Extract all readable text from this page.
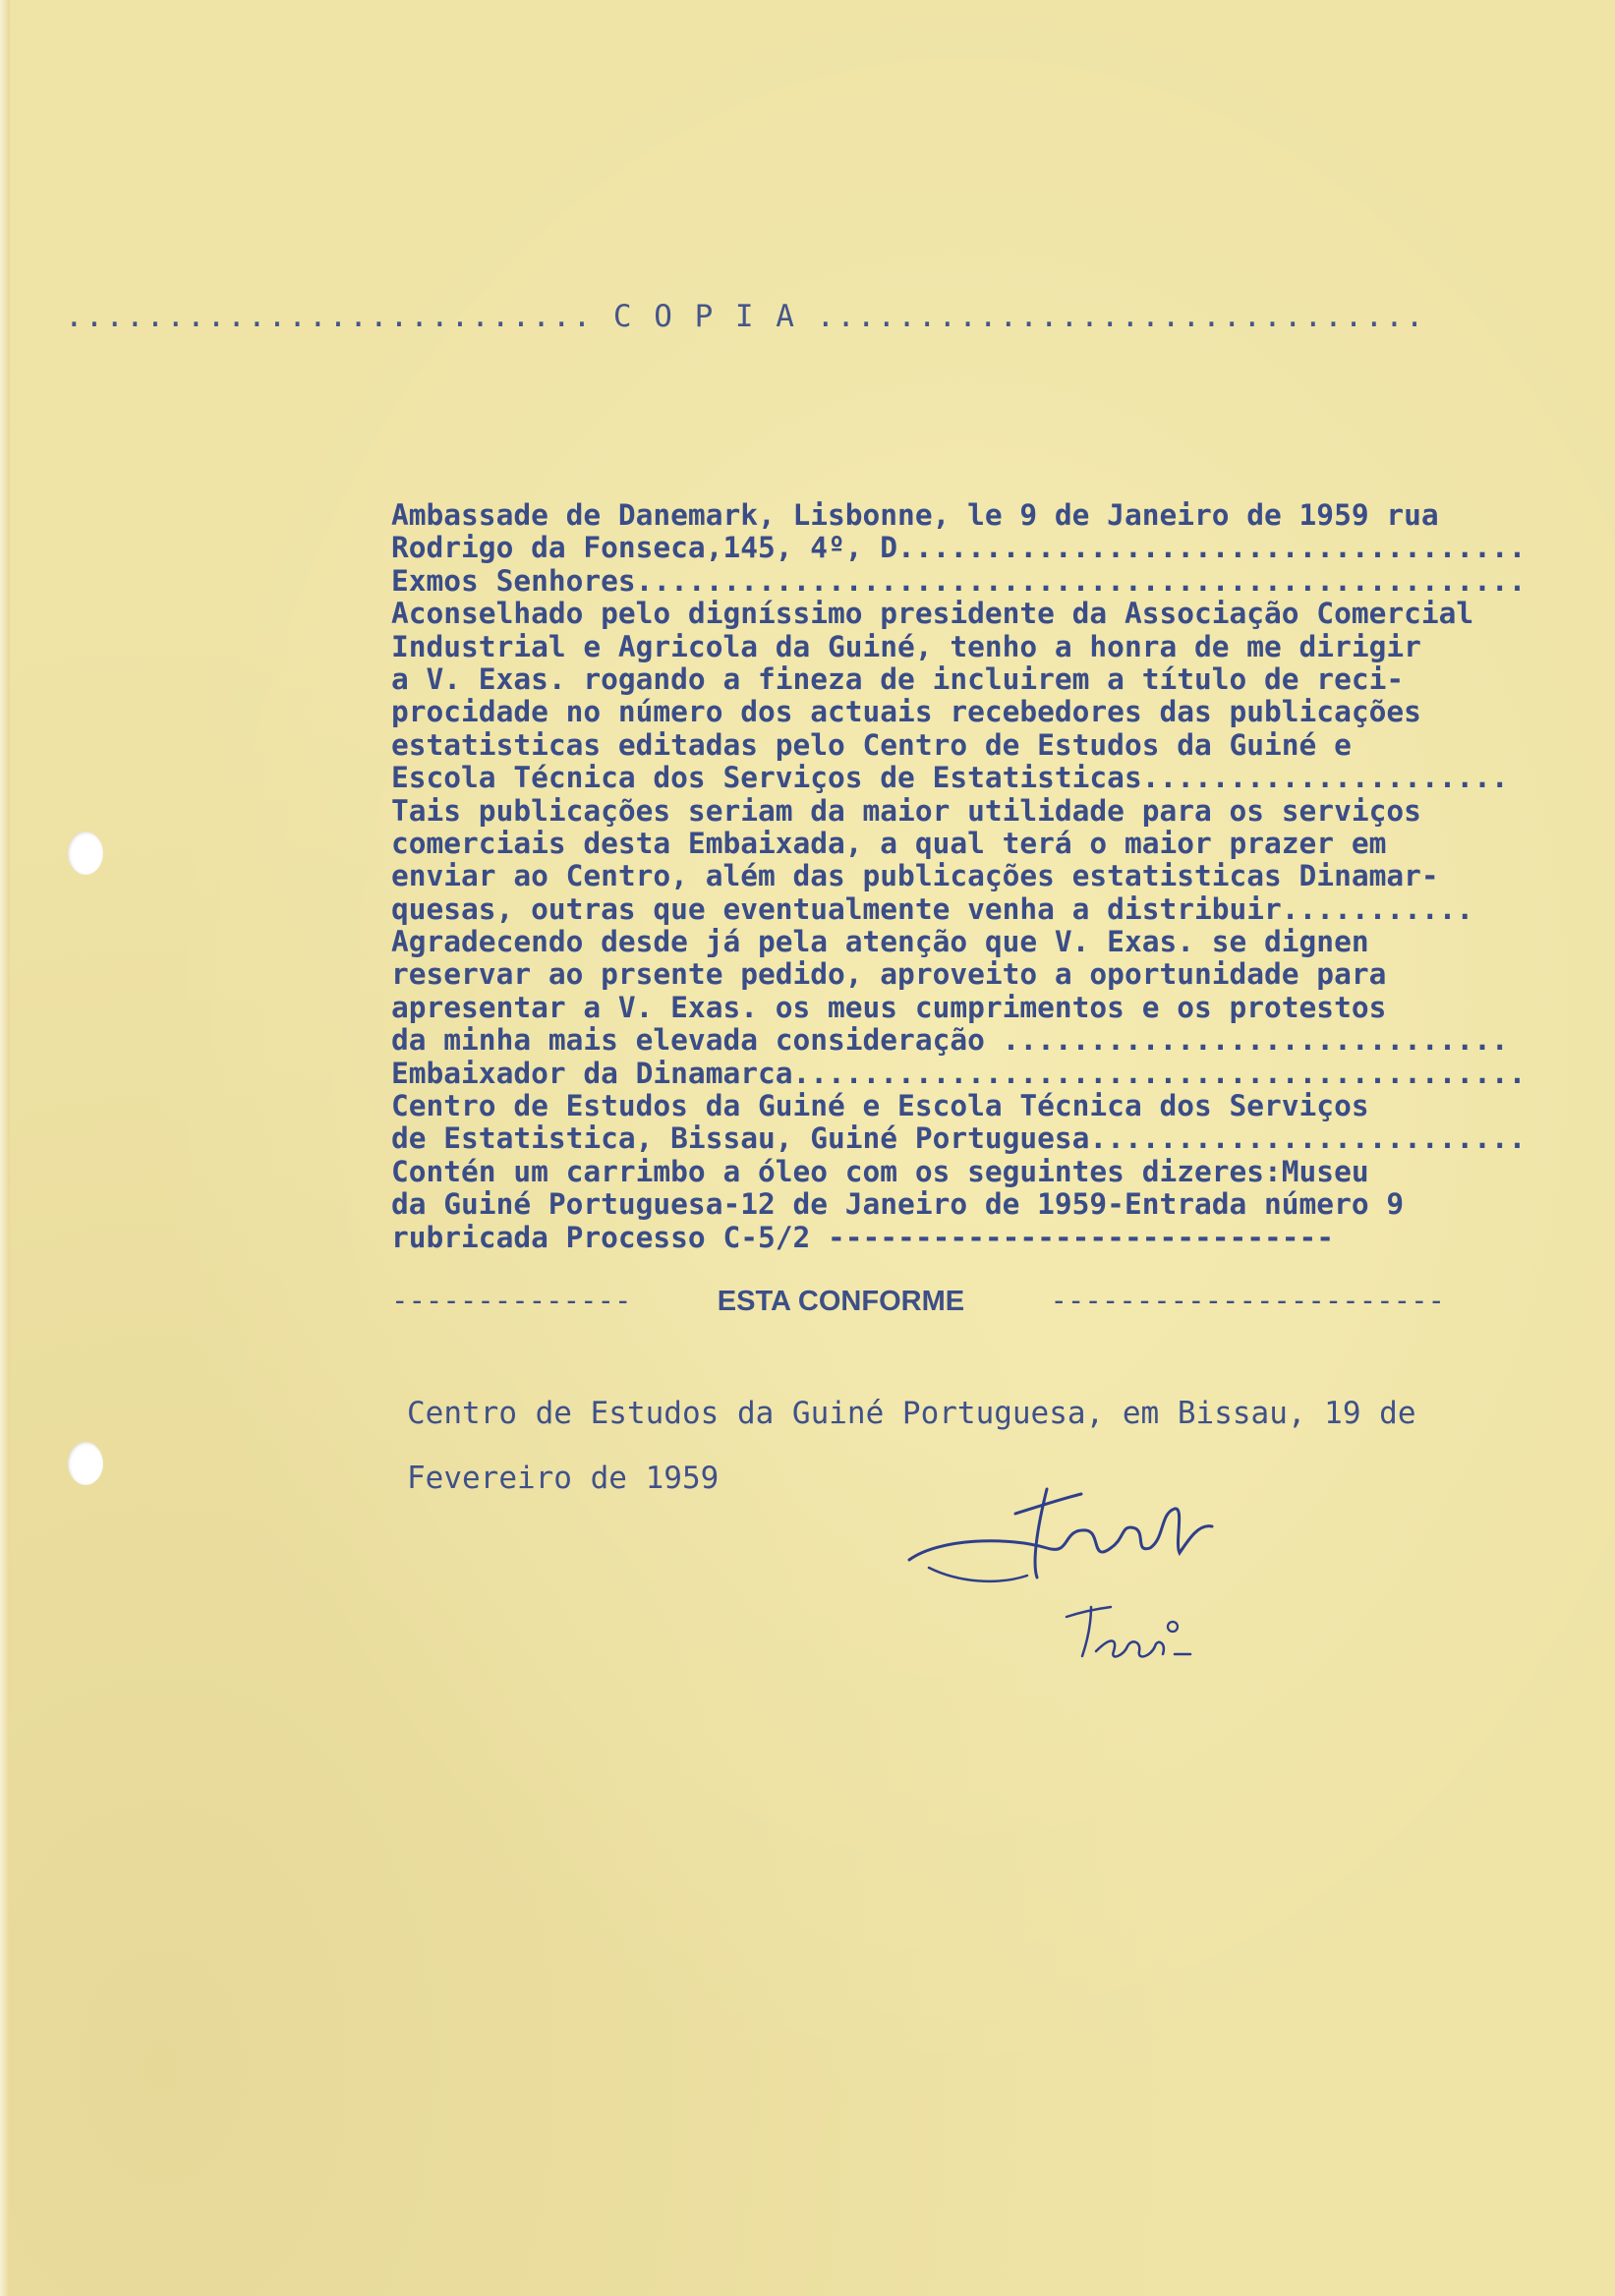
.......................... C O P I A ..............................
Ambassade de Danemark, Lisbonne, le 9 de Janeiro de 1959 rua
Rodrigo da Fonseca,145, 4º, D....................................
Exmos Senhores...................................................
Aconselhado pelo digníssimo presidente da Associação Comercial
Industrial e Agricola da Guiné, tenho a honra de me dirigir
a V. Exas. rogando a fineza de incluirem a título de reci-
procidade no número dos actuais recebedores das publicações
estatisticas editadas pelo Centro de Estudos da Guiné e
Escola Técnica dos Serviços de Estatisticas.....................
Tais publicações seriam da maior utilidade para os serviços
comerciais desta Embaixada, a qual terá o maior prazer em
enviar ao Centro, além das publicações estatisticas Dinamar-
quesas, outras que eventualmente venha a distribuir...........
Agradecendo desde já pela atenção que V. Exas. se dignen
reservar ao prsente pedido, aproveito a oportunidade para
apresentar a V. Exas. os meus cumprimentos e os protestos
da minha mais elevada consideração .............................
Embaixador da Dinamarca..........................................
Centro de Estudos da Guiné e Escola Técnica dos Serviços
de Estatistica, Bissau, Guiné Portuguesa.........................
Contén um carrimbo a óleo com os seguintes dizeres:Museu
da Guiné Portuguesa-12 de Janeiro de 1959-Entrada número 9
rubricada Processo C-5/2 -----------------------------
--------------	ESTA CONFORME	-----------------------
Centro de Estudos da Guiné Portuguesa, em Bissau, 19 de
Fevereiro de 1959
